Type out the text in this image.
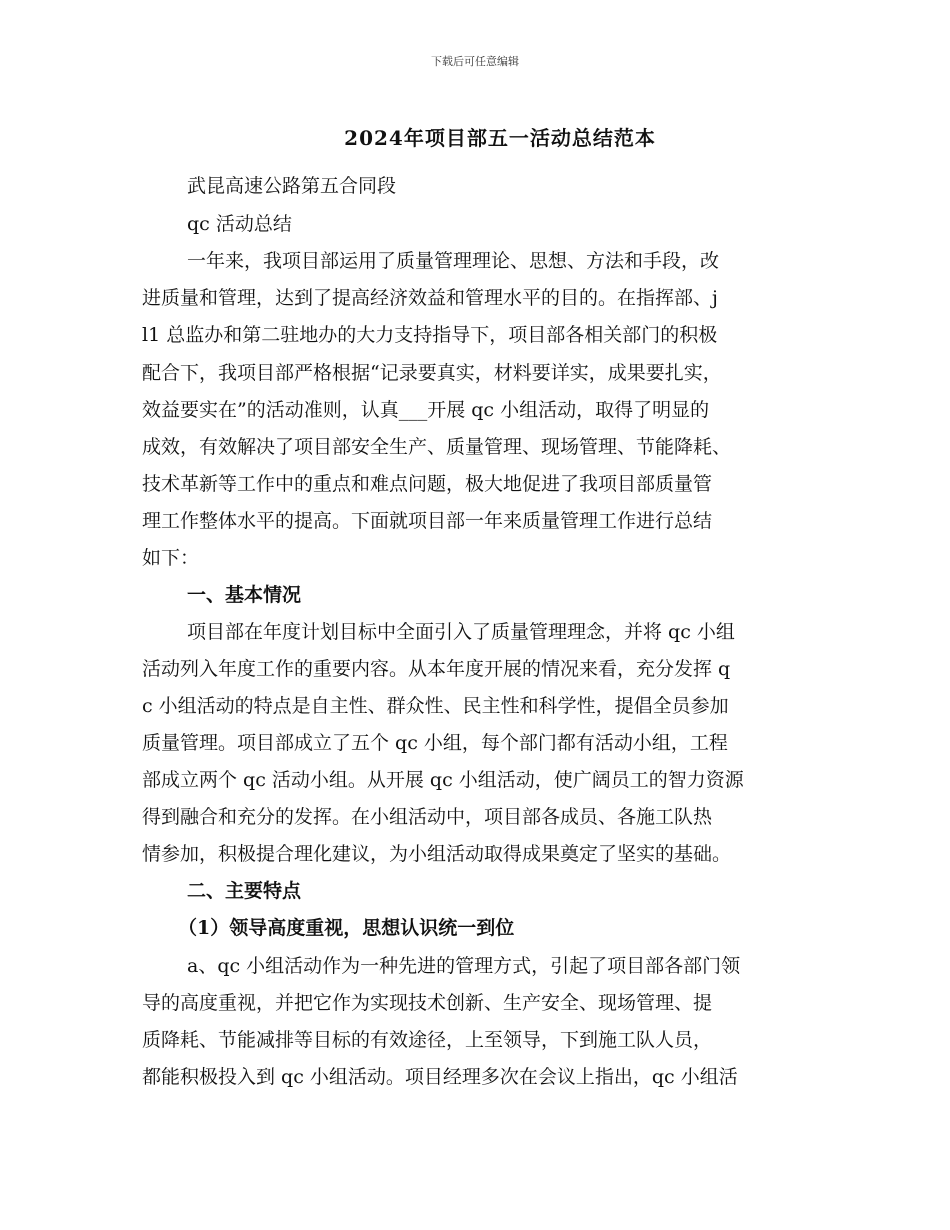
下载后可任意编辑
2024年项目部五一活动总结范本
武昆高速公路第五合同段
qc 活动总结
一年来，我项目部运用了质量管理理论、思想、方法和手段，改
进质量和管理，达到了提高经济效益和管理水平的目的。在指挥部、j
l1 总监办和第二驻地办的大力支持指导下，项目部各相关部门的积极
配合下，我项目部严格根据“记录要真实，材料要详实，成果要扎实，
效益要实在”的活动准则，认真___开展 qc 小组活动，取得了明显的
成效，有效解决了项目部安全生产、质量管理、现场管理、节能降耗、
技术革新等工作中的重点和难点问题，极大地促进了我项目部质量管
理工作整体水平的提高。下面就项目部一年来质量管理工作进行总结
如下：
一、基本情况
项目部在年度计划目标中全面引入了质量管理理念，并将 qc 小组
活动列入年度工作的重要内容。从本年度开展的情况来看，充分发挥 q
c 小组活动的特点是自主性、群众性、民主性和科学性，提倡全员参加
质量管理。项目部成立了五个 qc 小组，每个部门都有活动小组，工程
部成立两个 qc 活动小组。从开展 qc 小组活动，使广阔员工的智力资源
得到融合和充分的发挥。在小组活动中，项目部各成员、各施工队热
情参加，积极提合理化建议，为小组活动取得成果奠定了坚实的基础。
二、主要特点
（1）领导高度重视，思想认识统一到位
a、qc 小组活动作为一种先进的管理方式，引起了项目部各部门领
导的高度重视，并把它作为实现技术创新、生产安全、现场管理、提
质降耗、节能减排等目标的有效途径，上至领导，下到施工队人员，
都能积极投入到 qc 小组活动。项目经理多次在会议上指出，qc 小组活
